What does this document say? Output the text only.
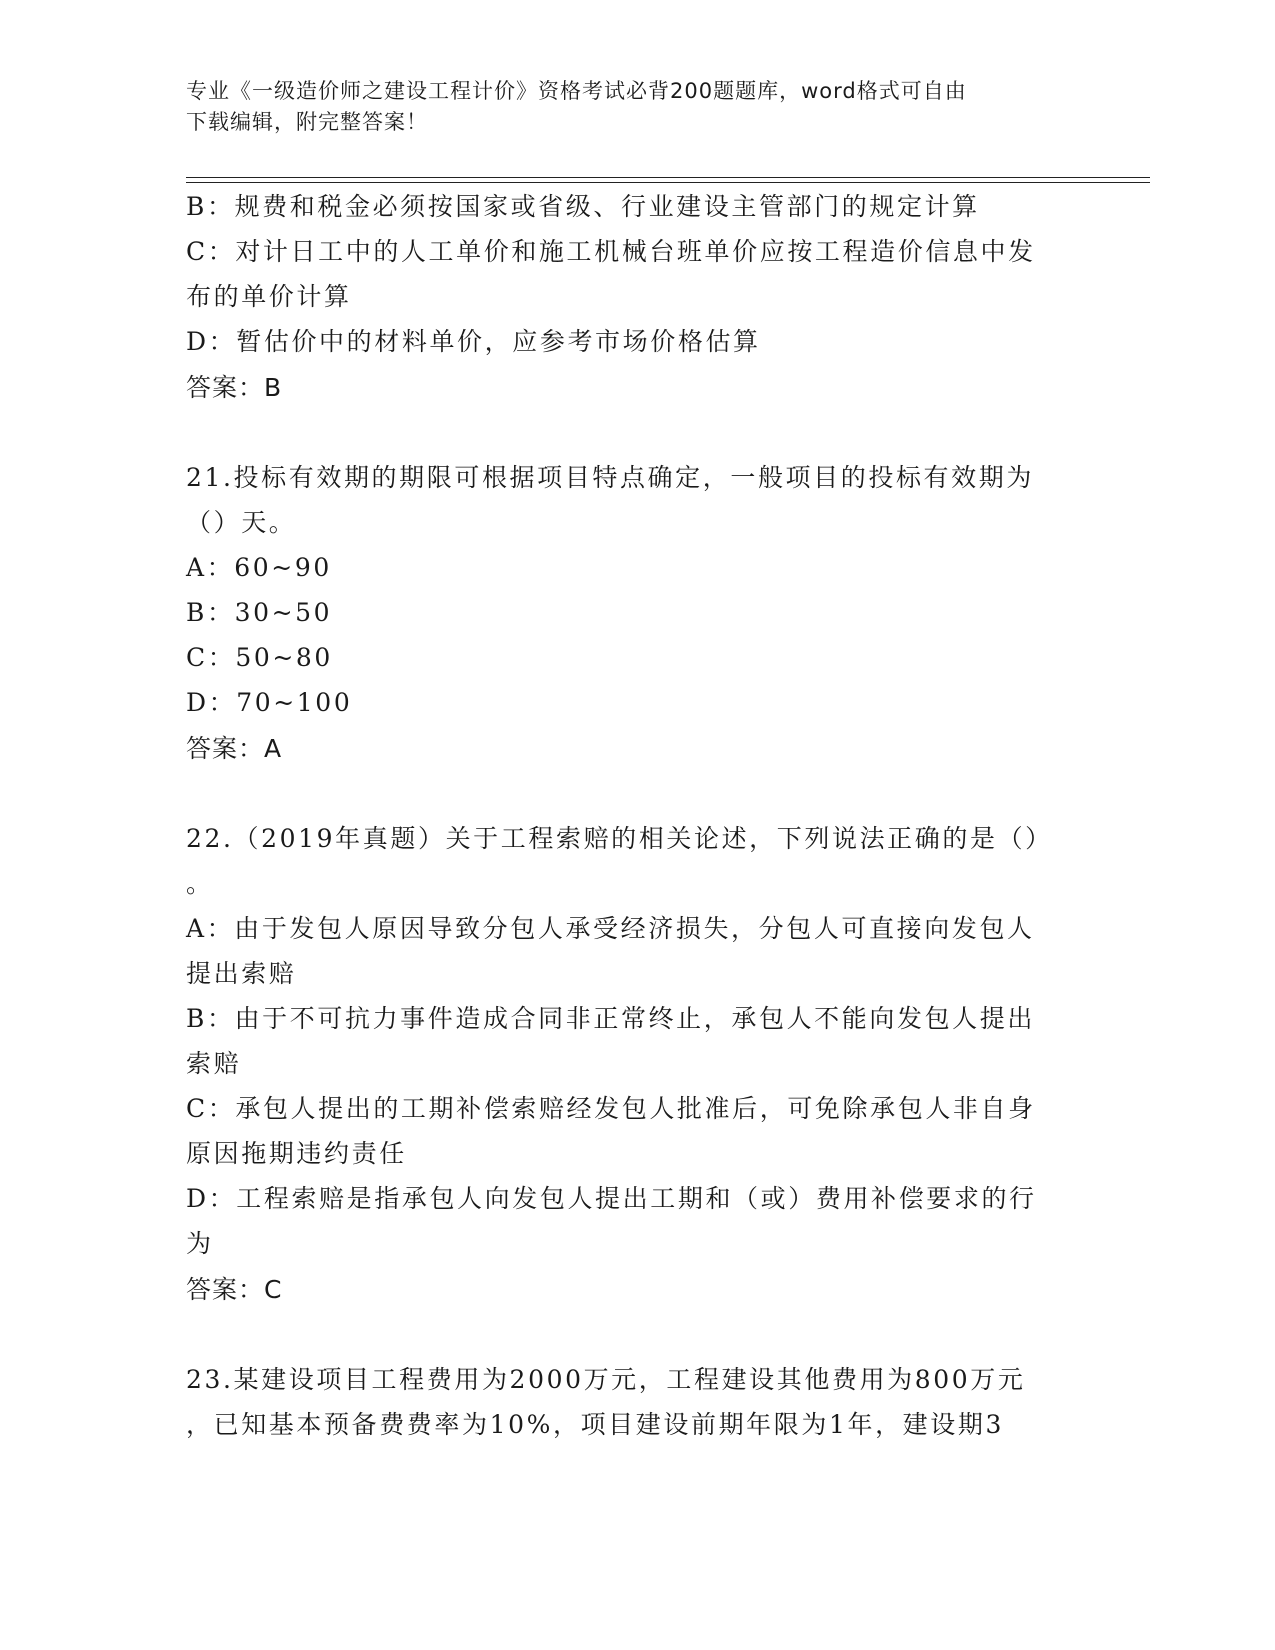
专业《一级造价师之建设工程计价》资格考试必背200题题库，word格式可自由
下载编辑，附完整答案！
B：规费和税金必须按国家或省级、行业建设主管部门的规定计算
C：对计日工中的人工单价和施工机械台班单价应按工程造价信息中发
布的单价计算
D：暂估价中的材料单价，应参考市场价格估算
答案：B
21.投标有效期的期限可根据项目特点确定，一般项目的投标有效期为
（）天。
A：60~90
B：30~50
C：50~80
D：70~100
答案：A
22.（2019年真题）关于工程索赔的相关论述，下列说法正确的是（）
。
A：由于发包人原因导致分包人承受经济损失，分包人可直接向发包人
提出索赔
B：由于不可抗力事件造成合同非正常终止，承包人不能向发包人提出
索赔
C：承包人提出的工期补偿索赔经发包人批准后，可免除承包人非自身
原因拖期违约责任
D：工程索赔是指承包人向发包人提出工期和（或）费用补偿要求的行
为
答案：C
23.某建设项目工程费用为2000万元，工程建设其他费用为800万元
，已知基本预备费费率为10%，项目建设前期年限为1年，建设期3
